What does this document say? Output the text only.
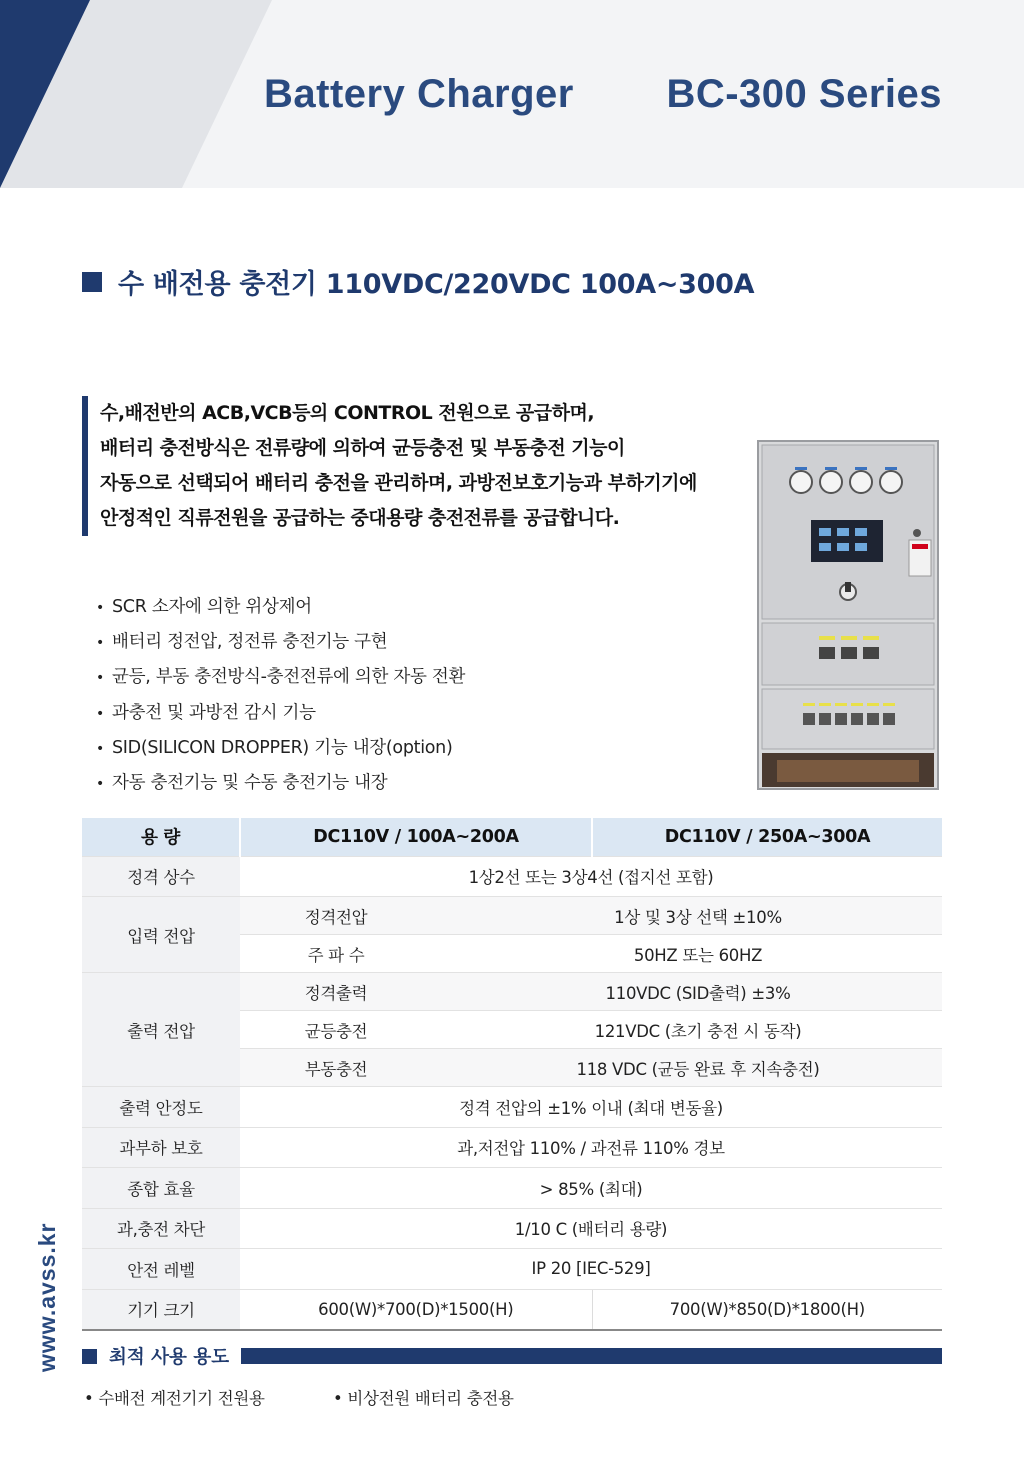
Battery Charger BC-300 Series
수 배전용 충전기 110VDC/220VDC 100A~300A

수,배전반의 ACB,VCB등의 CONTROL 전원으로 공급하며,

배터리 충전방식은 전류량에 의하여 균등충전 및 부동충전 기능이

자동으로 선택되어 배터리 충전을 관리하며, 과방전보호기능과 부하기기에

안정적인 직류전원을 공급하는 중대용량 충전전류를 공급합니다.

• SCR 소자에 의한 위상제어
• 배터리 정전압, 정전류 충전기능 구현
• 균등, 부동 충전방식-충전전류에 의한 자동 전환
• 과충전 및 과방전 감시 기능
• SID(SILICON DROPPER) 기능 내장(option)
• 자동 충전기능 및 수동 충전기능 내장
용 량	DC110V / 100A~200A		DC110V / 250A~300A
정격 상수	1상2선 또는 3상4선 (접지선 포함)		
입력 전압	정격전압	1상 및 3상 선택 ±10%	
	주 파 수	50HZ 또는 60HZ	
출력 전압	정격출력	110VDC (SID출력) ±3%	
	균등충전	121VDC (초기 충전 시 동작)	
	부동충전	118 VDC (균등 완료 후 지속충전)	
출력 안정도	정격 전압의 ±1% 이내 (최대 변동율)		
과부하 보호	과,저전압 110% / 과전류 110% 경보		
종합 효율	> 85% (최대)		
과,충전 차단	1/10 C (배터리 용량)		
안전 레벨	IP 20 [IEC-529]		
기기 크기	600(W)*700(D)*1500(H)		700(W)*850(D)*1800(H)
최적 사용 용도
• 수배전 계전기기 전원용	• 비상전원 배터리 충전용
www.avss.kr
